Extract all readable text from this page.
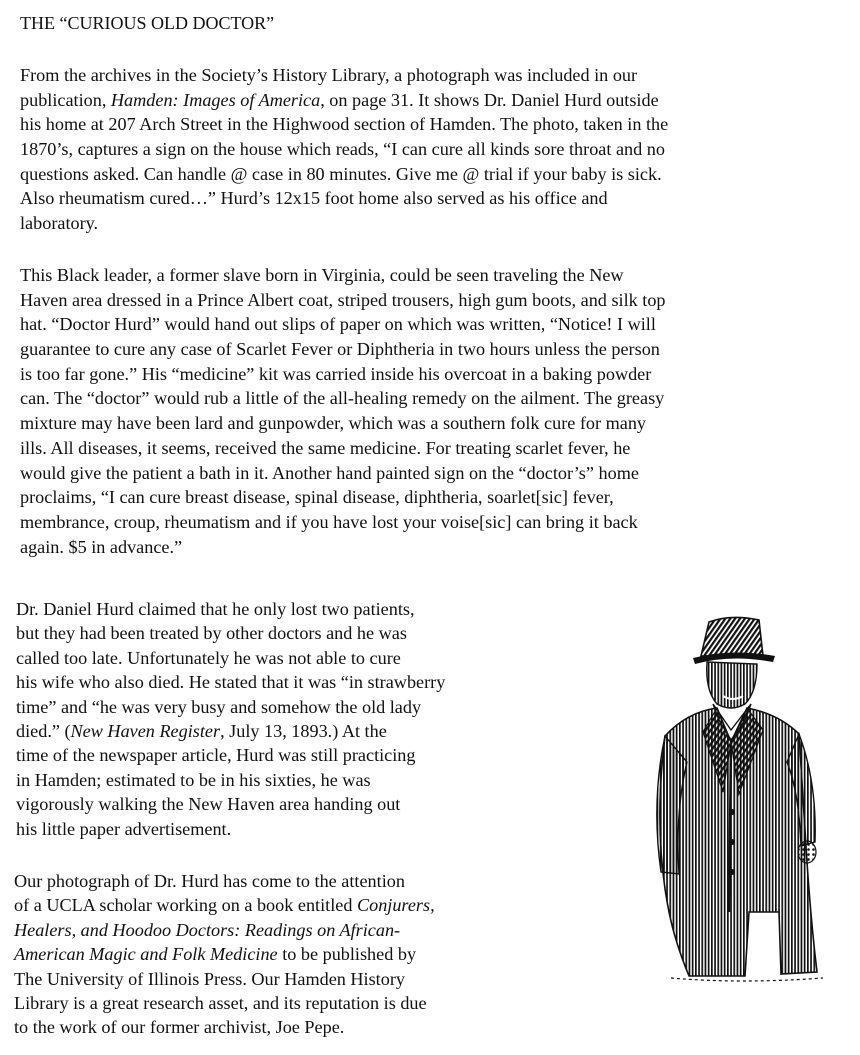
THE “CURIOUS OLD DOCTOR”
From the archives in the Society’s History Library, a photograph was included in our
publication, Hamden: Images of America, on page 31. It shows Dr. Daniel Hurd outside
his home at 207 Arch Street in the Highwood section of Hamden. The photo, taken in the
1870’s, captures a sign on the house which reads, “I can cure all kinds sore throat and no
questions asked. Can handle @ case in 80 minutes. Give me @ trial if your baby is sick.
Also rheumatism cured…” Hurd’s 12x15 foot home also served as his office and
laboratory.
This Black leader, a former slave born in Virginia, could be seen traveling the New
Haven area dressed in a Prince Albert coat, striped trousers, high gum boots, and silk top
hat. “Doctor Hurd” would hand out slips of paper on which was written, “Notice! I will
guarantee to cure any case of Scarlet Fever or Diphtheria in two hours unless the person
is too far gone.” His “medicine” kit was carried inside his overcoat in a baking powder
can. The “doctor” would rub a little of the all-healing remedy on the ailment. The greasy
mixture may have been lard and gunpowder, which was a southern folk cure for many
ills. All diseases, it seems, received the same medicine. For treating scarlet fever, he
would give the patient a bath in it. Another hand painted sign on the “doctor’s” home
proclaims, “I can cure breast disease, spinal disease, diphtheria, soarlet[sic] fever,
membrance, croup, rheumatism and if you have lost your voise[sic] can bring it back
again. $5 in advance.”
Dr. Daniel Hurd claimed that he only lost two patients,
but they had been treated by other doctors and he was
called too late. Unfortunately he was not able to cure
his wife who also died. He stated that it was “in strawberry
time” and “he was very busy and somehow the old lady
died.” (New Haven Register, July 13, 1893.) At the
time of the newspaper article, Hurd was still practicing
in Hamden; estimated to be in his sixties, he was
vigorously walking the New Haven area handing out
his little paper advertisement.
Our photograph of Dr. Hurd has come to the attention
of a UCLA scholar working on a book entitled Conjurers,
Healers, and Hoodoo Doctors: Readings on African-
American Magic and Folk Medicine to be published by
The University of Illinois Press. Our Hamden History
Library is a great research asset, and its reputation is due
to the work of our former archivist, Joe Pepe.
